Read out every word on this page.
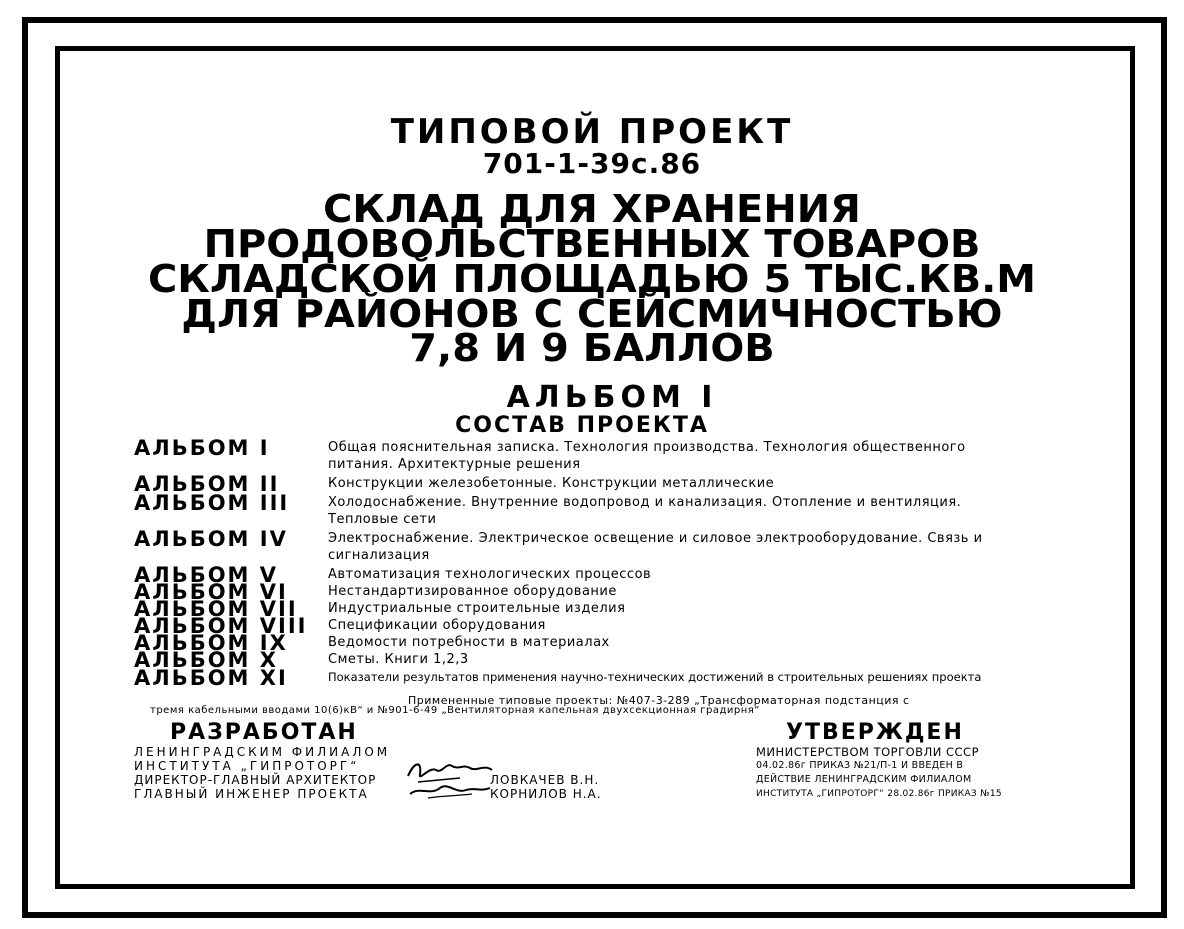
ТИПОВОЙ ПРОЕКТ
701-1-39с.86
СКЛАД ДЛЯ ХРАНЕНИЯ
ПРОДОВОЛЬСТВЕННЫХ ТОВАРОВ
СКЛАДСКОЙ ПЛОЩАДЬЮ 5 ТЫС.КВ.М
ДЛЯ РАЙОНОВ С СЕЙСМИЧНОСТЬЮ
7,8 И 9 БАЛЛОВ
АЛЬБОМ I
СОСТАВ ПРОЕКТА
АЛЬБОМ I	Общая пояснительная записка. Технология производства. Технология общественного питания. Архитектурные решения
АЛЬБОМ II	Конструкции железобетонные. Конструкции металлические
АЛЬБОМ III	Холодоснабжение. Внутренние водопровод и канализация. Отопление и вентиляция. Тепловые сети
АЛЬБОМ IV	Электроснабжение. Электрическое освещение и силовое электрооборудование. Связь и сигнализация
АЛЬБОМ V	Автоматизация технологических процессов
АЛЬБОМ VI	Нестандартизированное оборудование
АЛЬБОМ VII	Индустриальные строительные изделия
АЛЬБОМ VIII	Спецификации оборудования
АЛЬБОМ IX	Ведомости потребности в материалах
АЛЬБОМ X	Сметы. Книги 1,2,3
АЛЬБОМ XI	Показатели результатов применения научно-технических достижений в строительных решениях проекта
Примененные типовые проекты: №407-3-289 „Трансформаторная подстанция с
тремя кабельными вводами 10(6)кВ“ и №901-6-49 „Вентиляторная капельная двухсекционная градирня“
РАЗРАБОТАН
ЛЕНИНГРАДСКИМ ФИЛИАЛОМ
ИНСТИТУТА „ГИПРОТОРГ“
ДИРЕКТОР-ГЛАВНЫЙ АРХИТЕКТОР	ЛОВКАЧЕВ В.Н.
ГЛАВНЫЙ ИНЖЕНЕР ПРОЕКТА	КОРНИЛОВ Н.А.
УТВЕРЖДЕН
МИНИСТЕРСТВОМ ТОРГОВЛИ СССР
04.02.86г ПРИКАЗ №21/П-1 И ВВЕДЕН В
ДЕЙСТВИЕ ЛЕНИНГРАДСКИМ ФИЛИАЛОМ
ИНСТИТУТА „ГИПРОТОРГ“ 28.02.86г ПРИКАЗ №15
